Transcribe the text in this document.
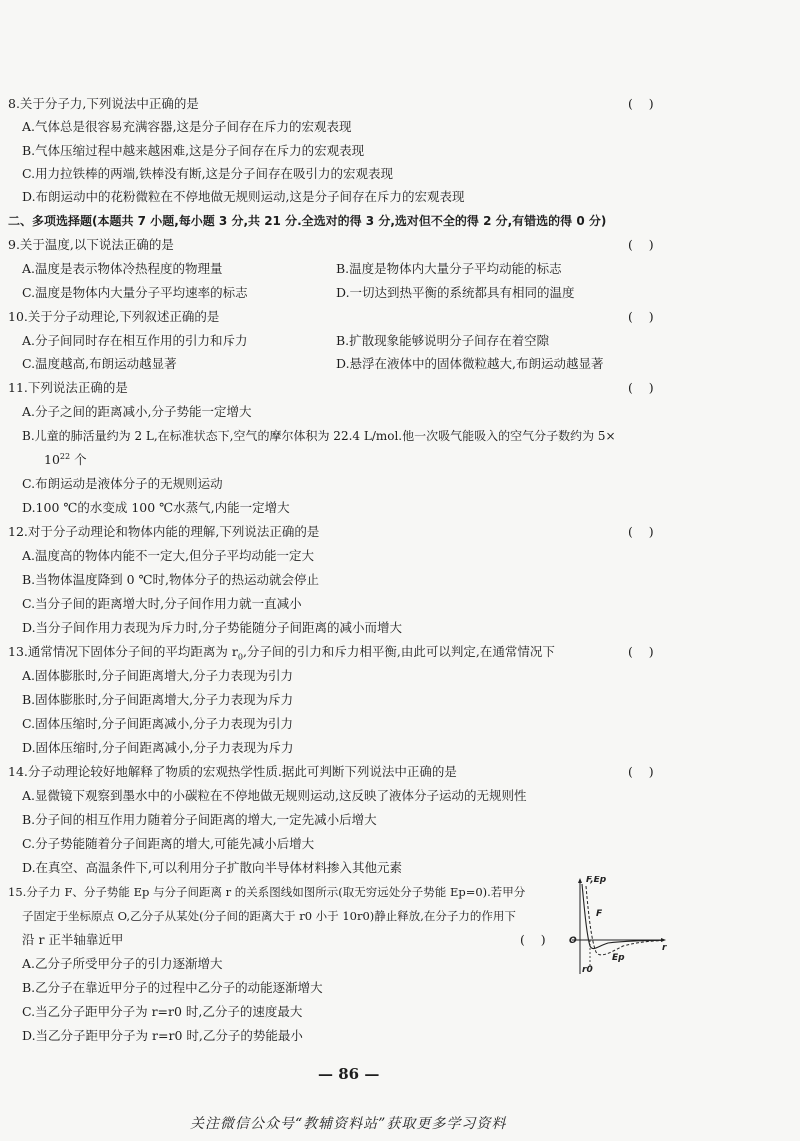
8.关于分子力,下列说法中正确的是	(    )
A.气体总是很容易充满容器,这是分子间存在斥力的宏观表现
B.气体压缩过程中越来越困难,这是分子间存在斥力的宏观表现
C.用力拉铁棒的两端,铁棒没有断,这是分子间存在吸引力的宏观表现
D.布朗运动中的花粉微粒在不停地做无规则运动,这是分子间存在斥力的宏观表现
二、多项选择题(本题共 7 小题,每小题 3 分,共 21 分.全选对的得 3 分,选对但不全的得 2 分,有错选的得 0 分)
9.关于温度,以下说法正确的是	(    )
A.温度是表示物体冷热程度的物理量	B.温度是物体内大量分子平均动能的标志
C.温度是物体内大量分子平均速率的标志	D.一切达到热平衡的系统都具有相同的温度
10.关于分子动理论,下列叙述正确的是	(    )
A.分子间同时存在相互作用的引力和斥力	B.扩散现象能够说明分子间存在着空隙
C.温度越高,布朗运动越显著	D.悬浮在液体中的固体微粒越大,布朗运动越显著
11.下列说法正确的是	(    )
A.分子之间的距离减小,分子势能一定增大
B.儿童的肺活量约为 2 L,在标准状态下,空气的摩尔体积为 22.4 L/mol.他一次吸气能吸入的空气分子数约为 5×
$10^{22}$ 个
C.布朗运动是液体分子的无规则运动
D.100 ℃的水变成 100 ℃水蒸气,内能一定增大
12.对于分子动理论和物体内能的理解,下列说法正确的是	(    )
A.温度高的物体内能不一定大,但分子平均动能一定大
B.当物体温度降到 0 ℃时,物体分子的热运动就会停止
C.当分子间的距离增大时,分子间作用力就一直减小
D.当分子间作用力表现为斥力时,分子势能随分子间距离的减小而增大
13.通常情况下固体分子间的平均距离为 $r_0$,分子间的引力和斥力相平衡,由此可以判定,在通常情况下	(    )
A.固体膨胀时,分子间距离增大,分子力表现为引力
B.固体膨胀时,分子间距离增大,分子力表现为斥力
C.固体压缩时,分子间距离减小,分子力表现为引力
D.固体压缩时,分子间距离减小,分子力表现为斥力
14.分子动理论较好地解释了物质的宏观热学性质.据此可判断下列说法中正确的是	(    )
A.显微镜下观察到墨水中的小碳粒在不停地做无规则运动,这反映了液体分子运动的无规则性
B.分子间的相互作用力随着分子间距离的增大,一定先减小后增大
C.分子势能随着分子间距离的增大,可能先减小后增大
D.在真空、高温条件下,可以利用分子扩散向半导体材料掺入其他元素
15.分子力 F、分子势能 Ep 与分子间距离 r 的关系图线如图所示(取无穷远处分子势能 Ep=0).若甲分
子固定于坐标原点 O,乙分子从某处(分子间的距离大于 r0 小于 10r0)静止释放,在分子力的作用下
沿 r 正半轴靠近甲	(    )
A.乙分子所受甲分子的引力逐渐增大
B.乙分子在靠近甲分子的过程中乙分子的动能逐渐增大
C.当乙分子距甲分子为 r=r0 时,乙分子的速度最大
D.当乙分子距甲分子为 r=r0 时,乙分子的势能最小
F,Ep
F
Ep
O
r
r0
— 86 —
关注微信公众号“教辅资料站”获取更多学习资料
